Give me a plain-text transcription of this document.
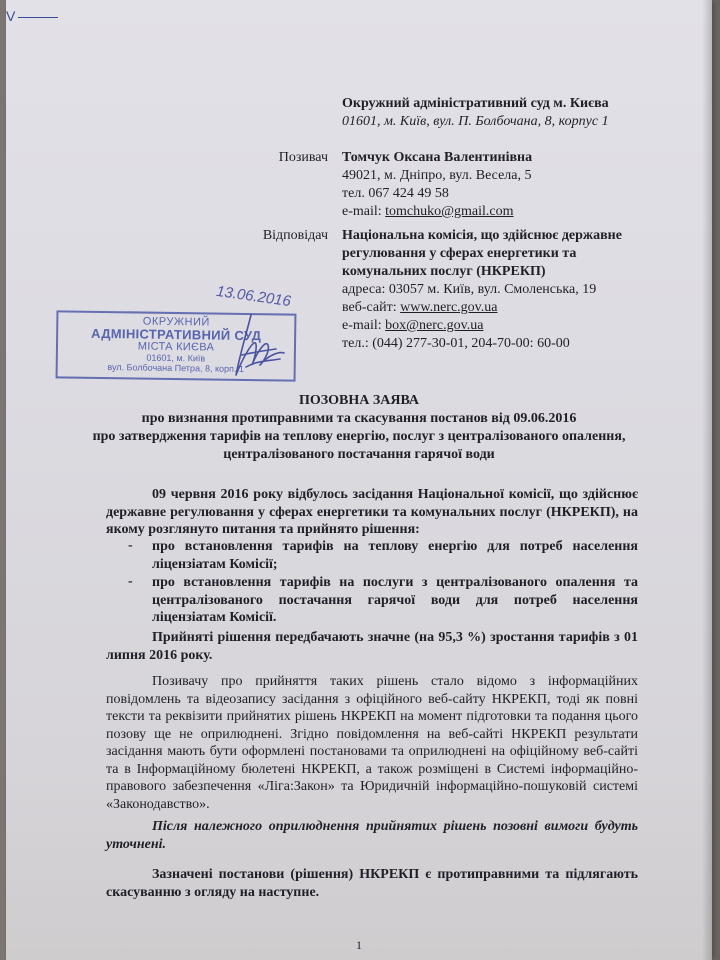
V
Окружний адміністративний суд м. Києва
01601, м. Київ, вул. П. Болбочана, 8, корпус 1
Позивач Томчук Оксана Валентинівна
49021, м. Дніпро, вул. Весела, 5
тел. 067 424 49 58
e-mail: tomchuko@gmail.com
Відповідач Національна комісія, що здійснює державне
регулювання у сферах енергетики та
комунальних послуг (НКРЕКП)
адреса: 03057 м. Київ, вул. Смоленська, 19
веб-сайт: www.nerc.gov.ua
e-mail: box@nerc.gov.ua
тел.: (044) 277-30-01, 204-70-00: 60-00
ОКРУЖНИЙ
АДМІНІСТРАТИВНИЙ СУД
МІСТА КИЄВА
01601, м. Київ
вул. Болбочана Петра, 8, корп. 1
13.06.2016
ПОЗОВНА ЗАЯВА
про визнання протиправними та скасування постанов від 09.06.2016
про затвердження тарифів на теплову енергію, послуг з централізованого опалення,
централізованого постачання гарячої води
09 червня 2016 року відбулось засідання Національної комісії, що здійснює державне регулювання у сферах енергетики та комунальних послуг (НКРЕКП), на якому розглянуто питання та прийнято рішення:
- про встановлення тарифів на теплову енергію для потреб населення ліцензіатам Комісії;
- про встановлення тарифів на послуги з централізованого опалення та централізованого постачання гарячої води для потреб населення ліцензіатам Комісії.
Прийняті рішення передбачають значне (на 95,3 %) зростання тарифів з 01 липня 2016 року.
Позивачу про прийняття таких рішень стало відомо з інформаційних повідомлень та відеозапису засідання з офіційного веб-сайту НКРЕКП, тоді як повні тексти та реквізити прийнятих рішень НКРЕКП на момент підготовки та подання цього позову ще не оприлюднені. Згідно повідомлення на веб-сайті НКРЕКП результати засідання мають бути оформлені постановами та оприлюднені на офіційному веб-сайті та в Інформаційному бюлетені НКРЕКП, а також розміщені в Системі інформаційно-правового забезпечення «Ліга:Закон» та Юридичній інформаційно-пошуковій системі «Законодавство».
Після належного оприлюднення прийнятих рішень позовні вимоги будуть уточнені.
Зазначені постанови (рішення) НКРЕКП є протиправними та підлягають скасуванню з огляду на наступне.
1
